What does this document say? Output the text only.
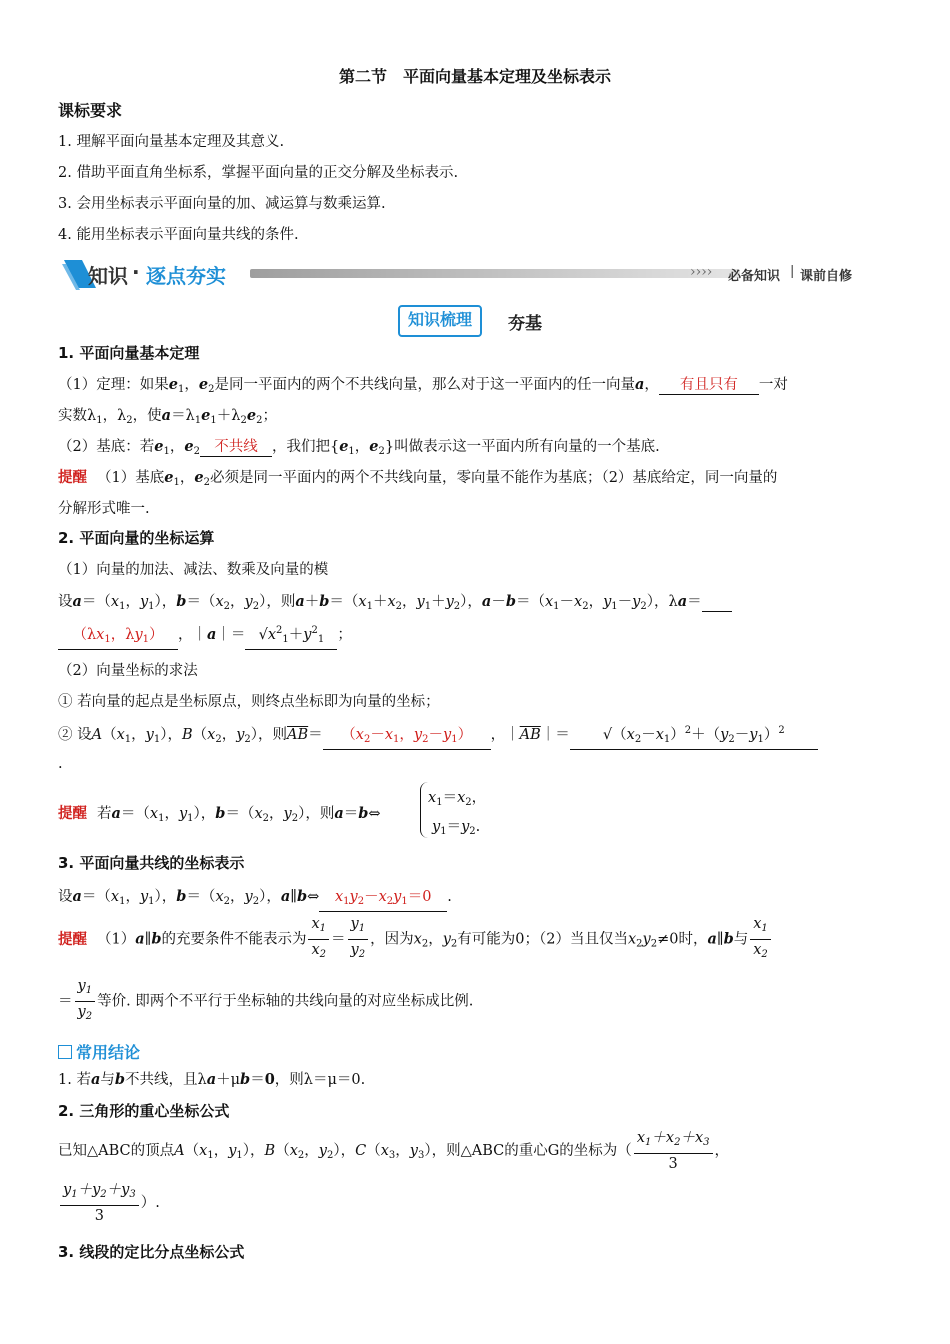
第二节　平面向量基本定理及坐标表示
课标要求
1. 理解平面向量基本定理及其意义.
2. 借助平面直角坐标系，掌握平面向量的正交分解及坐标表示.
3. 会用坐标表示平面向量的加、减运算与数乘运算.
4. 能用坐标表示平面向量共线的条件.
知识 · 逐点夯实	›››› 必备知识 | 课前自修
知识梳理	夯基
1. 平面向量基本定理
（1）定理：如果$e_1$，$e_2$是同一平面内的两个不共线向量，那么对于这一平面内的任一向量a， 有且只有 一对
实数$\lambda_1$，$\lambda_2$，使$a=\lambda_1e_1+\lambda_2e_2$；
（2）基底：若$e_1$，$e_2$ 不共线 ，我们把{$e_1$，$e_2$}叫做表示这一平面内所有向量的一个基底.
提醒 （1）基底$e_1$，$e_2$必须是同一平面内的两个不共线向量，零向量不能作为基底；（2）基底给定，同一向量的
分解形式唯一.
2. 平面向量的坐标运算
（1）向量的加法、减法、数乘及向量的模
设$a=(x_1$，$y_1$），$b=(x_2$，$y_2$），则$a+b=(x_1+x_2$，$y_1+y_2$），$a-b=(x_1-x_2$，$y_1-y_2$），λa＝
（$\lambda x_1$，$\lambda y_1$） ，｜a｜＝ $√x^2_1+y^2_1$ ；
（2）向量坐标的求法
① 若向量的起点是坐标原点，则终点坐标即为向量的坐标；
② 设$A(x_1$，$y_1$），$B(x_2$，$y_2$），则$\overline{AB}= (x_2-x_1$，$y_2-y_1$） ，$|\overline{AB}|= √(x_2-x_1)^2+(y_2-y_1)^2$
.
提醒 若$a=(x_1$，$y_1$），$b=(x_2$，$y_2$），则a＝b⇔
$x_1=x_2$，
$y_1=y_2$.
3. 平面向量共线的坐标表示
设$a=(x_1$，$y_1$），$b=(x_2$，$y_2$），a∥b⇔ $x_1y_2-x_2y_1=0$ .
提醒 （1）a∥b的充要条件不能表示为 $\frac{x_1}{x_2} = \frac{y_1}{y_2}$ ，因为$x_2$，$y_2$有可能为0；（2）当且仅当$x_2y_2\ne 0$时，a∥b与 $\frac{x_1}{x_2}$
＝ $\frac{y_1}{y_2}$ 等价. 即两个不平行于坐标轴的共线向量的对应坐标成比例.
常用结论
1. 若a与b不共线，且λa＋μb＝0，则λ＝μ＝0.
2. 三角形的重心坐标公式
已知△ABC的顶点$A(x_1$，$y_1$），$B(x_2$，$y_2$），$C(x_3$，$y_3$），则△ABC的重心G的坐标为（ $\frac{x_1+x_2+x_3}{3}$ ，
$\frac{y_1+y_2+y_3}{3}$ ）.
3. 线段的定比分点坐标公式
